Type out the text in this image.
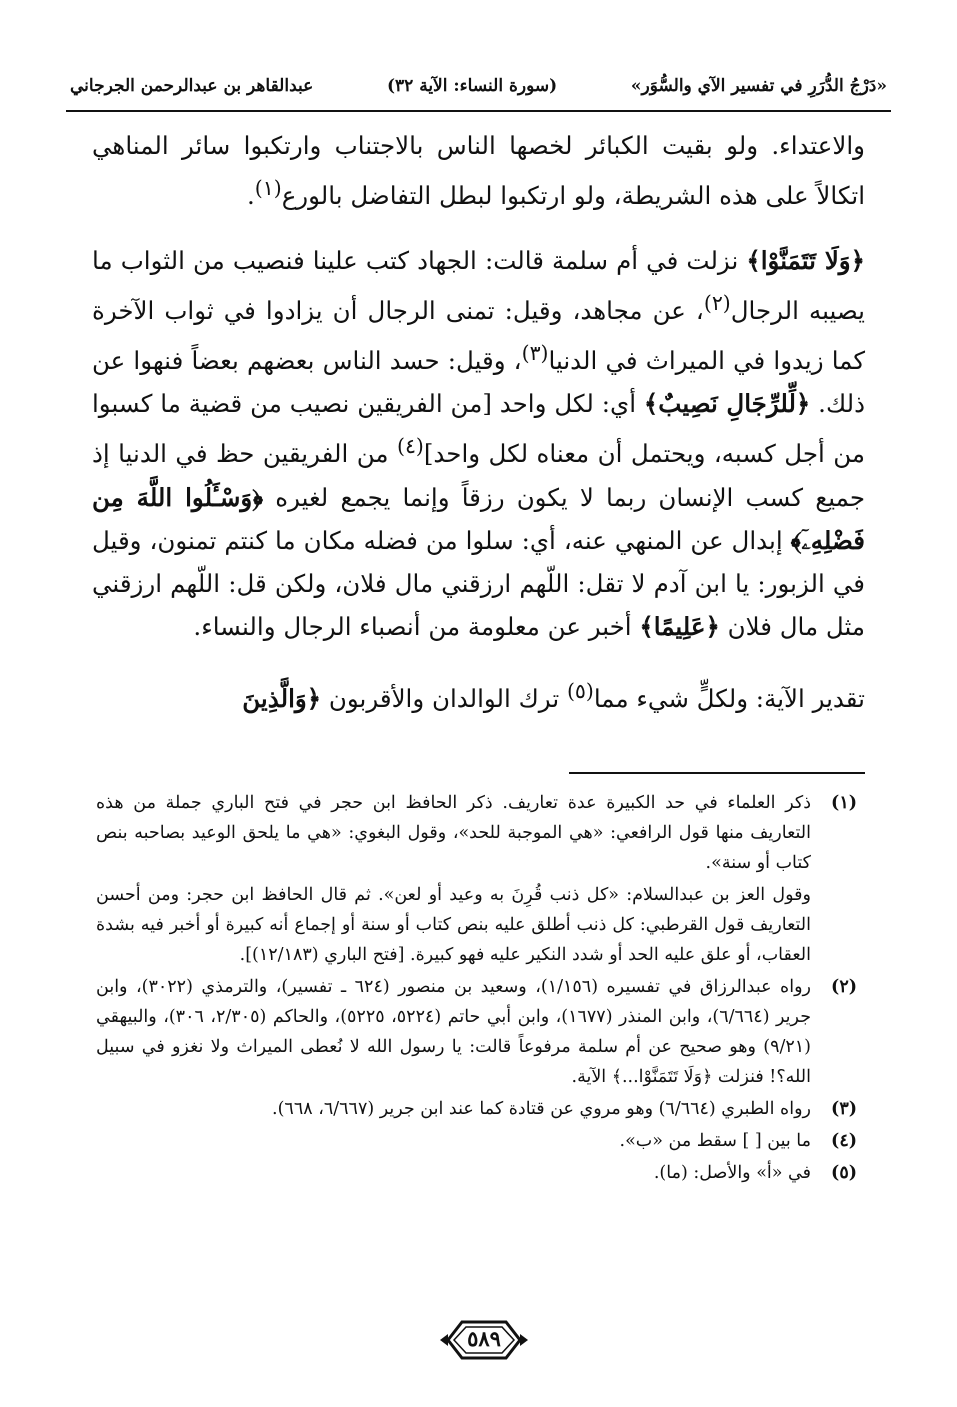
«دَرْجُ الدُّرَرِ في تفسير الآي والسُّوَر»
(سورة النساء: الآية ٣٢)
عبدالقاهر بن عبدالرحمن الجرجاني

والاعتداء. ولو بقيت الكبائر لخصها الناس بالاجتناب وارتكبوا سائر المناهي اتكالاً على هذه الشريطة، ولو ارتكبوا لبطل التفاضل بالورع$^{(١)}$.

﴿وَلَا تَتَمَنَّوْا﴾ نزلت في أم سلمة قالت: الجهاد كتب علينا فنصيب من الثواب ما يصيبه الرجال$^{(٢)}$، عن مجاهد، وقيل: تمنى الرجال أن يزادوا في ثواب الآخرة كما زيدوا في الميراث في الدنيا$^{(٣)}$، وقيل: حسد الناس بعضهم بعضاً فنهوا عن ذلك. ﴿لِّلرِّجَالِ نَصِيبٌ﴾ أي: لكل واحد [من الفريقين نصيب من قضية ما كسبوا من أجل كسبه، ويحتمل أن معناه لكل واحد]$^{(٤)}$ من الفريقين حظ في الدنيا إذ جميع كسب الإنسان ربما لا يكون رزقاً وإنما يجمع لغيره ﴿وَسْـَٔلُوا اللَّهَ مِن فَضْلِهِۦٓ﴾ إبدال عن المنهي عنه، أي: سلوا من فضله مكان ما كنتم تمنون، وقيل في الزبور: يا ابن آدم لا تقل: اللّهم ارزقني مال فلان، ولكن قل: اللّهم ارزقني مثل مال فلان ﴿عَلِيمًا﴾ أخبر عن معلومة من أنصباء الرجال والنساء.

تقدير الآية: ولكلٍّ شيء مما$^{(٥)}$ ترك الوالدان والأقربون ﴿وَالَّذِينَ

(١)

ذكر العلماء في حد الكبيرة عدة تعاريف. ذكر الحافظ ابن حجر في فتح الباري جملة من هذه التعاريف منها قول الرافعي: «هي الموجبة للحد»، وقول البغوي: «هي ما يلحق الوعيد بصاحبه بنص كتاب أو سنة».

وقول العز بن عبدالسلام: «كل ذنب قُرِنَ به وعيد أو لعن». ثم قال الحافظ ابن حجر: ومن أحسن التعاريف قول القرطبي: كل ذنب أطلق عليه بنص كتاب أو سنة أو إجماع أنه كبيرة أو أخبر فيه بشدة العقاب، أو علق عليه الحد أو شدد النكير عليه فهو كبيرة. [فتح الباري (١٢/١٨٣)].

(٢)

رواه عبدالرزاق في تفسيره (١/١٥٦)، وسعيد بن منصور (٦٢٤ ـ تفسير)، والترمذي (٣٠٢٢)، وابن جرير (٦/٦٦٤)، وابن المنذر (١٦٧٧)، وابن أبي حاتم (٥٢٢٤، ٥٢٢٥)، والحاكم (٢/٣٠٥، ٣٠٦)، والبيهقي (٩/٢١) وهو صحيح عن أم سلمة مرفوعاً قالت: يا رسول الله لا نُعطى الميراث ولا نغزو في سبيل الله؟! فنزلت ﴿وَلَا تَتَمَنَّوْا...﴾ الآية.

(٣)

رواه الطبري (٦/٦٦٤) وهو مروي عن قتادة كما عند ابن جرير (٦/٦٦٧، ٦٦٨).

(٤)

ما بين [ ] سقط من «ب».

(٥)

في «أ» والأصل: (ما).

٥٨٩
